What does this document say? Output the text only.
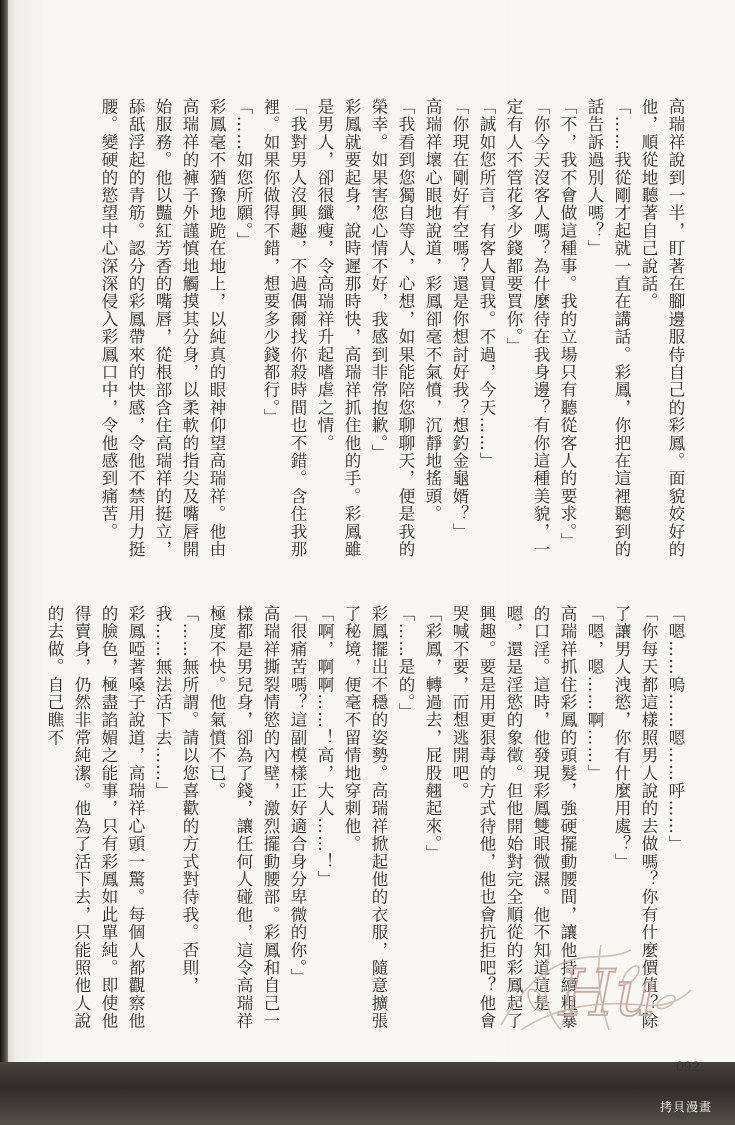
高瑞祥說到一半，盯著在腳邊服侍自己的彩鳳。面貌姣好的他，順從地聽著自己說話。

「……我從剛才起就一直在講話。彩鳳，你把在這裡聽到的話告訴過別人嗎？」

「不，我不會做這種事。我的立場只有聽從客人的要求。」

「你今天沒客人嗎？為什麼待在我身邊？有你這種美貌，一定有人不管花多少錢都要買你。」

「誠如您所言，有客人買我。不過，今天……」

「你現在剛好有空嗎？還是你想討好我？想釣金龜婿？」

高瑞祥壞心眼地說道，彩鳳卻毫不氣憤，沉靜地搖頭。

「我看到您獨自等人，心想，如果能陪您聊聊天，便是我的榮幸。如果害您心情不好，我感到非常抱歉。」

彩鳳就要起身，說時遲那時快，高瑞祥抓住他的手。彩鳳雖是男人，卻很纖瘦，令高瑞祥升起嗜虐之情。

「我對男人沒興趣，不過偶爾找你殺時間也不錯。含住我那裡。如果你做得不錯，想要多少錢都行。」

「……如您所願。」

彩鳳毫不猶豫地跪在地上，以純真的眼神仰望高瑞祥。他由高瑞祥的褲子外謹慎地觸摸其分身，以柔軟的指尖及嘴唇開始服務。他以豔紅芳香的嘴唇，從根部含住高瑞祥的挺立，舔舐浮起的青筋。認分的彩鳳帶來的快感，令他不禁用力挺腰。變硬的慾望中心深深侵入彩鳳口中，令他感到痛苦。

「嗯……嗚……嗯……呼……」

「你每天都這樣照男人說的去做嗎？你有什麼價值？除了讓男人洩慾，你有什麼用處？」

「嗯，嗯……啊……」

高瑞祥抓住彩鳳的頭髮，強硬擺動腰間，讓他持續粗暴的口淫。這時，他發現彩鳳雙眼微濕。他不知道這是嗯，還是淫慾的象徵。但他開始對完全順從的彩鳳起了興趣。要是用更狠毒的方式待他，他也會抗拒吧？他會哭喊不要，而想逃開吧。

「彩鳳，轉過去，屁股翹起來。」

「……是的。」

彩鳳擺出不穩的姿勢。高瑞祥掀起他的衣服，隨意擴張了秘境，便毫不留情地穿刺他。

「啊，啊啊……！高，大人……！」

「很痛苦嗎？這副模樣正好適合身分卑微的你。」

高瑞祥撕裂情慾的內壁，激烈擺動腰部。彩鳳和自己一樣都是男兒身，卻為了錢，讓任何人碰他，這令高瑞祥極度不快。他氣憤不已。

「……無所謂。請以您喜歡的方式對待我。否則，我……無法活下去……」

彩鳳啞著嗓子說道，高瑞祥心頭一驚。每個人都觀察他的臉色，極盡諂媚之能事，只有彩鳳如此單純。即使他得賣身，仍然非常純潔。他為了活下去，只能照他人說的去做。自己瞧不

Hu
092
拷貝漫畫
